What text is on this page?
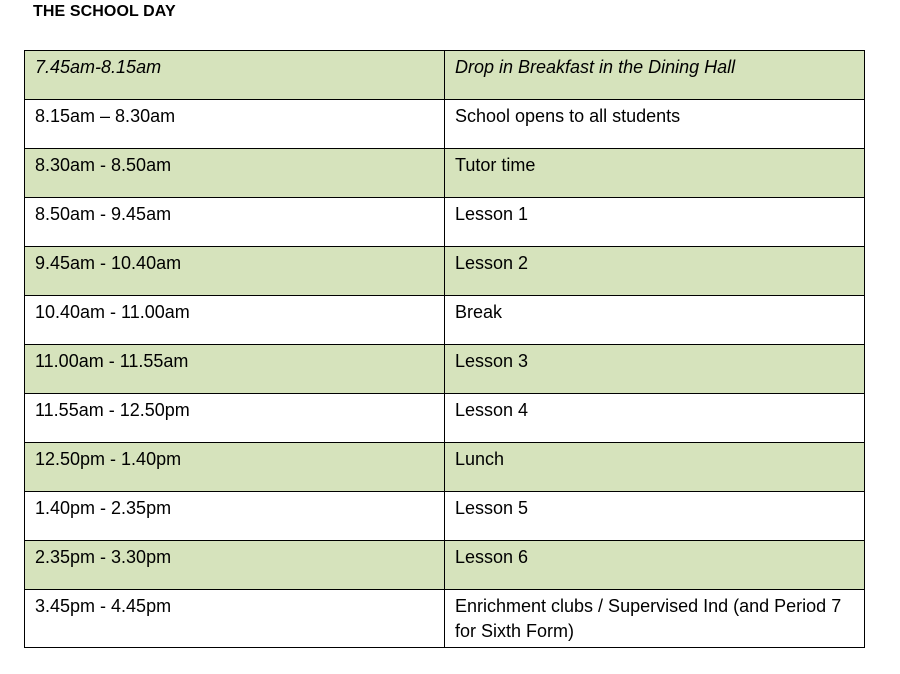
THE SCHOOL DAY
7.45am-8.15am	Drop in Breakfast in the Dining Hall
8.15am – 8.30am	School opens to all students
8.30am - 8.50am	Tutor time
8.50am - 9.45am	Lesson 1
9.45am - 10.40am	Lesson 2
10.40am - 11.00am	Break
11.00am - 11.55am	Lesson 3
11.55am - 12.50pm	Lesson 4
12.50pm - 1.40pm	Lunch
1.40pm - 2.35pm	Lesson 5
2.35pm - 3.30pm	Lesson 6
3.45pm - 4.45pm	Enrichment clubs / Supervised Ind (and Period 7 for Sixth Form)
